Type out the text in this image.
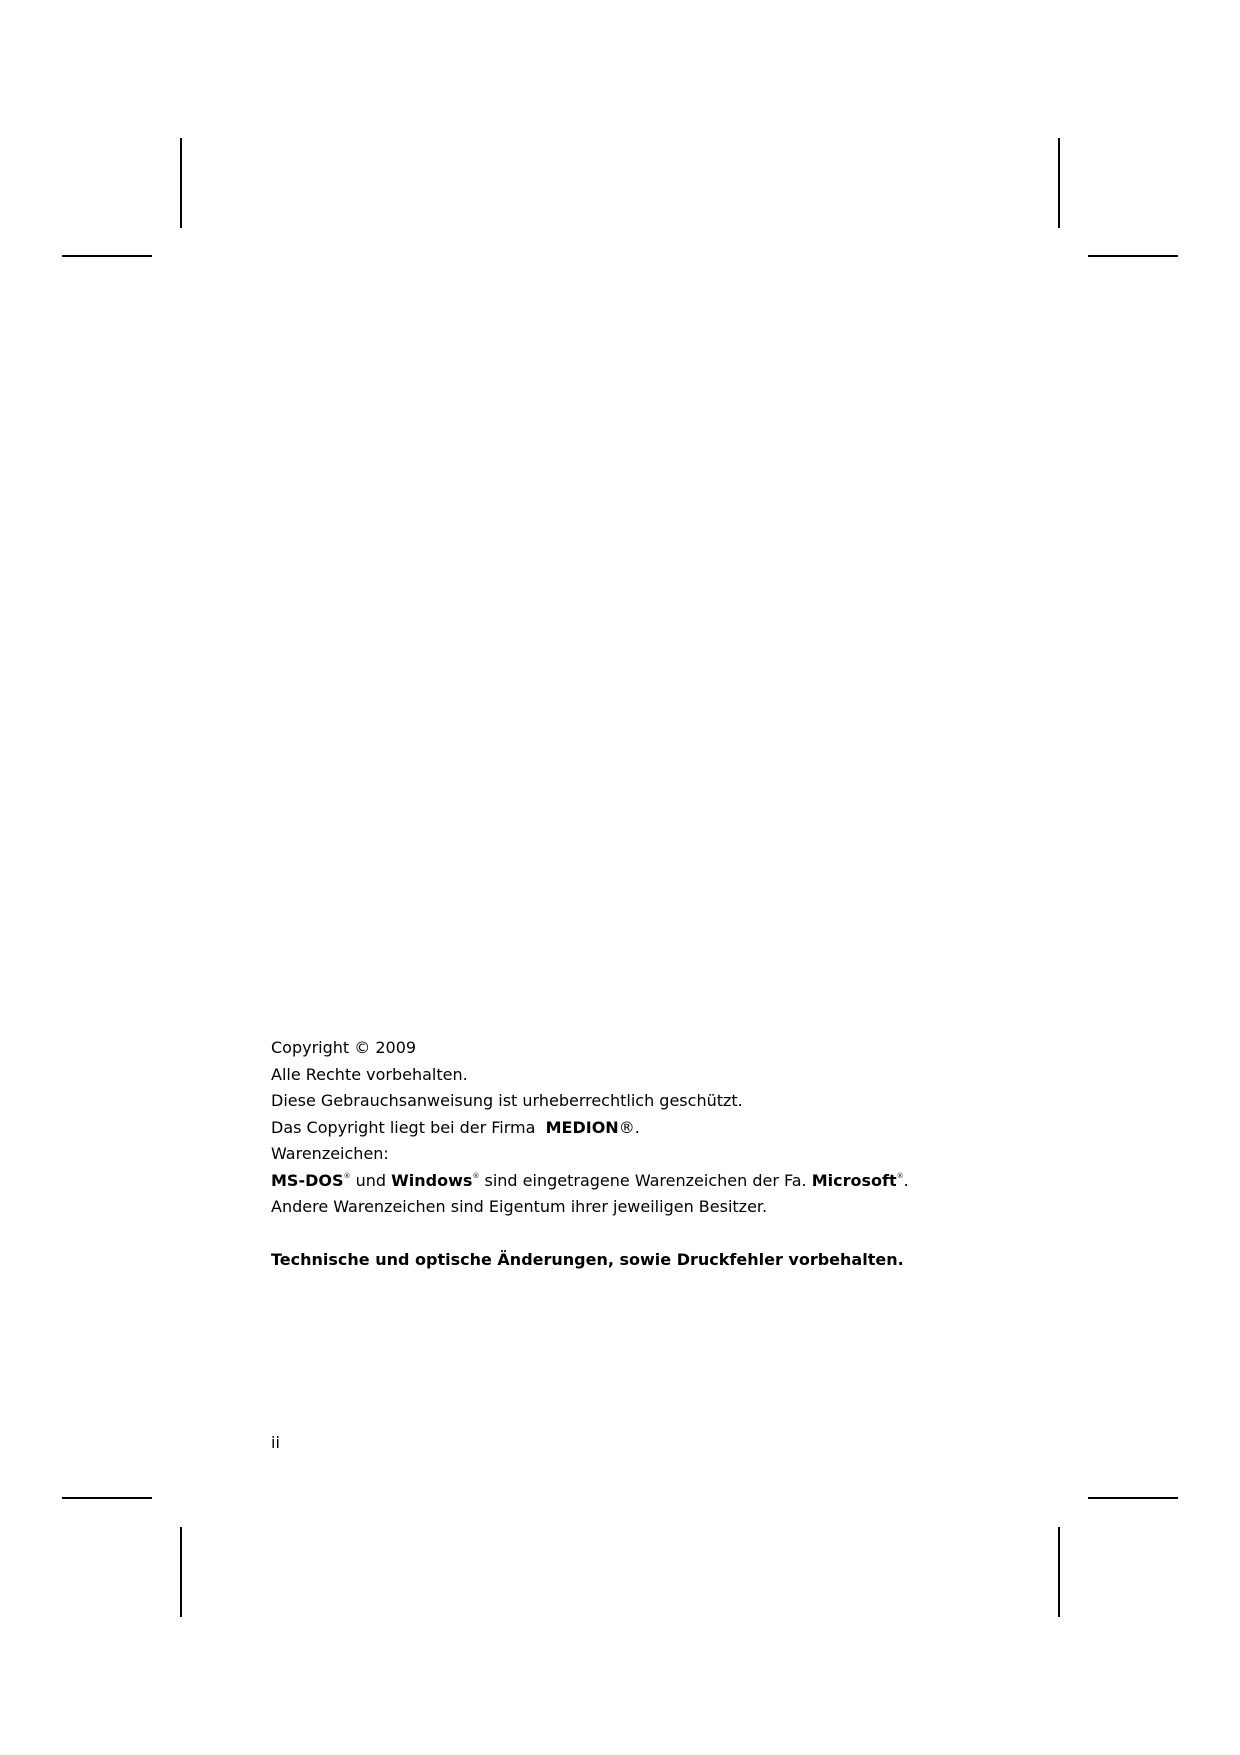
Copyright © 2009
Alle Rechte vorbehalten.
Diese Gebrauchsanweisung ist urheberrechtlich geschützt.
Das Copyright liegt bei der Firma MEDION®.
Warenzeichen:
MS-DOS® und Windows® sind eingetragene Warenzeichen der Fa. Microsoft®.
Andere Warenzeichen sind Eigentum ihrer jeweiligen Besitzer.
Technische und optische Änderungen, sowie Druckfehler vorbehalten.
ii
